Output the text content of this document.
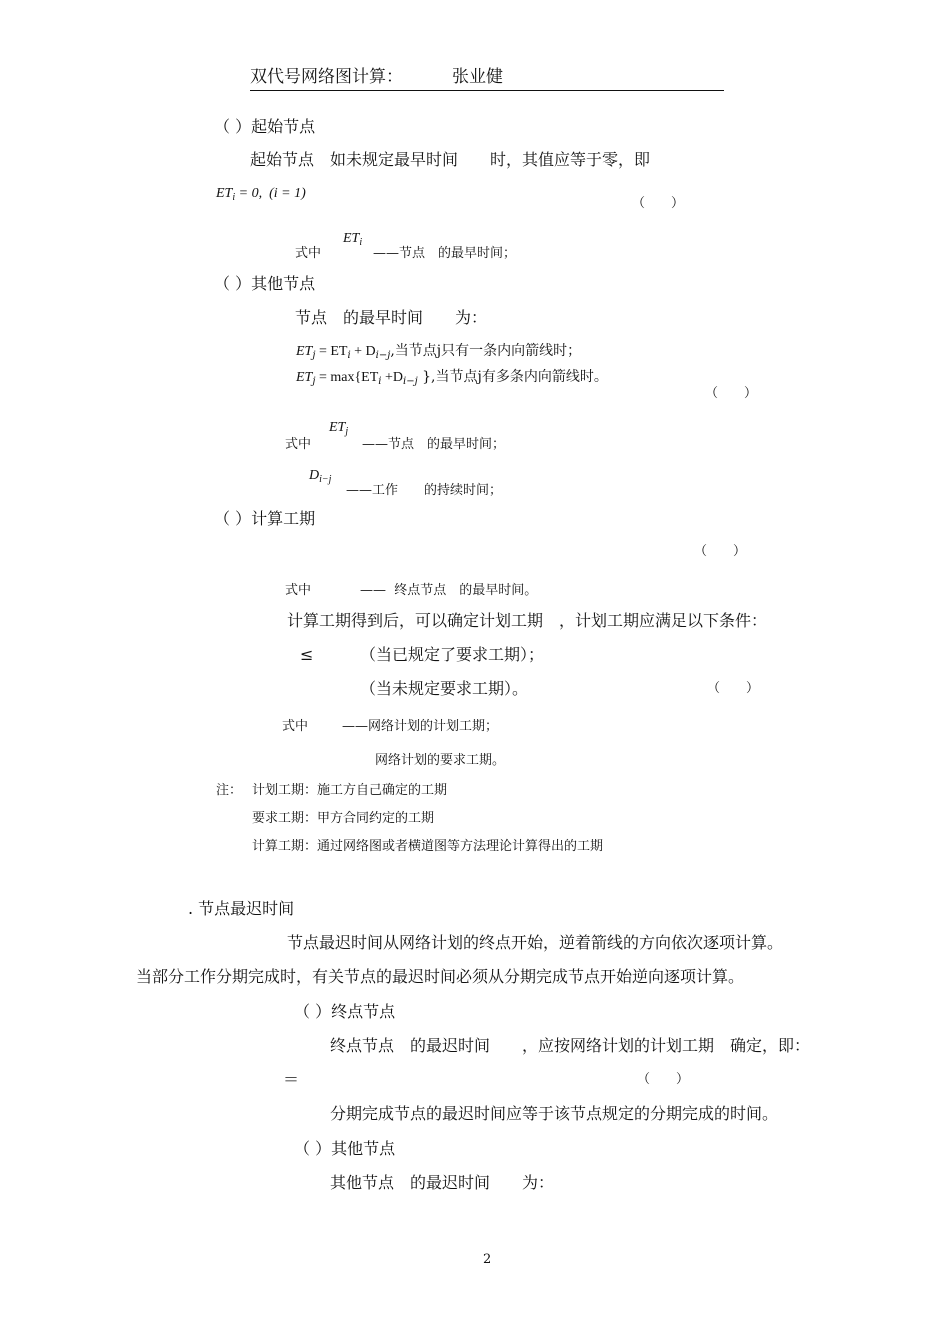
双代号网络图计算：	张业健
（ ）起始节点
起始节点　如未规定最早时间　　时，其值应等于零，即
$ET_i = 0$,  (i = 1)
（　　）
式中
$ET_i$
——节点　的最早时间；
（ ）其他节点
节点　的最早时间　　为：
$ET_j = ET_i + D_{i-j}$,当节点j只有一条内向箭线时；
$ET_j = \max\{ET_i +D_{i-j}$ },当节点j有多条内向箭线时。
（　　）
式中
$ET_j$
——节点　的最早时间；
$D_{i-j}$
——工作　　的持续时间；
（ ）计算工期
（　　）
式中	——  终点节点　的最早时间。
计算工期得到后，可以确定计划工期　，计划工期应满足以下条件：
≤	（当已规定了要求工期）；
（当未规定要求工期）。	（　　）
式中	——网络计划的计划工期；
网络计划的要求工期。
注： 计划工期：施工方自己确定的工期
要求工期：甲方合同约定的工期
计算工期：通过网络图或者横道图等方法理论计算得出的工期
. 节点最迟时间
节点最迟时间从网络计划的终点开始，逆着箭线的方向依次逐项计算。
当部分工作分期完成时，有关节点的最迟时间必须从分期完成节点开始逆向逐项计算。
（ ）终点节点
终点节点　的最迟时间　　，应按网络计划的计划工期　确定，即：
＝	（　　）
分期完成节点的最迟时间应等于该节点规定的分期完成的时间。
（ ）其他节点
其他节点　的最迟时间　　为：
2
